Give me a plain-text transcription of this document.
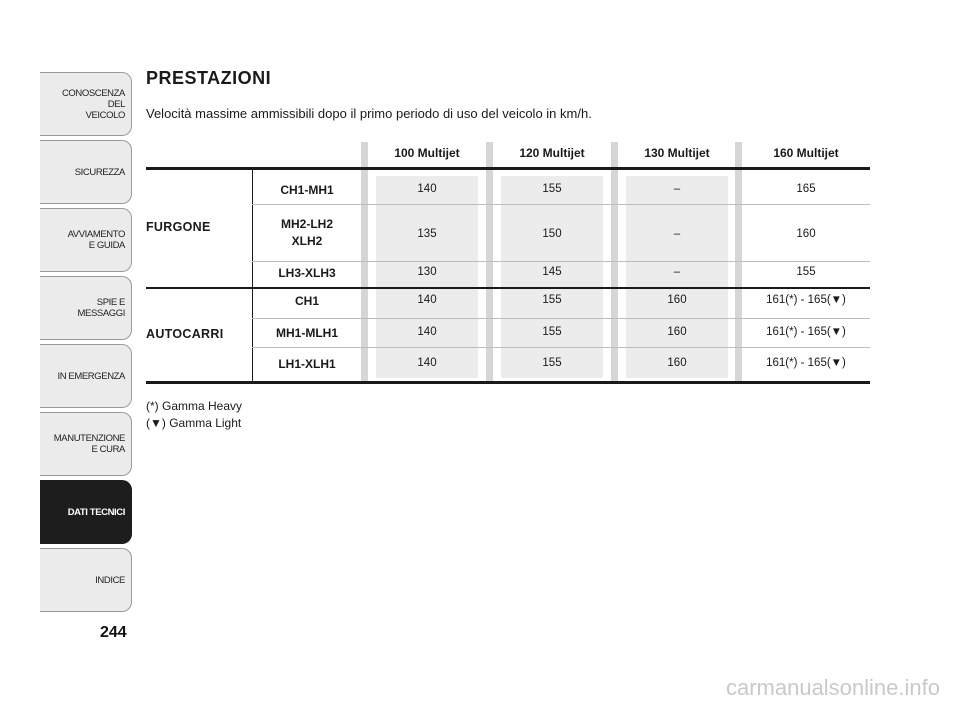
CONOSCENZA
DEL
VEICOLO
SICUREZZA
AVVIAMENTO
E GUIDA
SPIE E
MESSAGGI
IN EMERGENZA
MANUTENZIONE
E CURA
DATI TECNICI
INDICE
244
PRESTAZIONI
Velocità massime ammissibili dopo il primo periodo di uso del veicolo in km/h.
100 Multijet	120 Multijet	130 Multijet	160 Multijet
FURGONE
AUTOCARRI
CH1-MH1	140	155	–	165
MH2-LH2
XLH2	135	150	–	160
LH3-XLH3	130	145	–	155
CH1	140	155	160	161(*) - 165(▼)
MH1-MLH1	140	155	160	161(*) - 165(▼)
LH1-XLH1	140	155	160	161(*) - 165(▼)
(*) Gamma Heavy
(▼) Gamma Light
carmanualsonline.info
